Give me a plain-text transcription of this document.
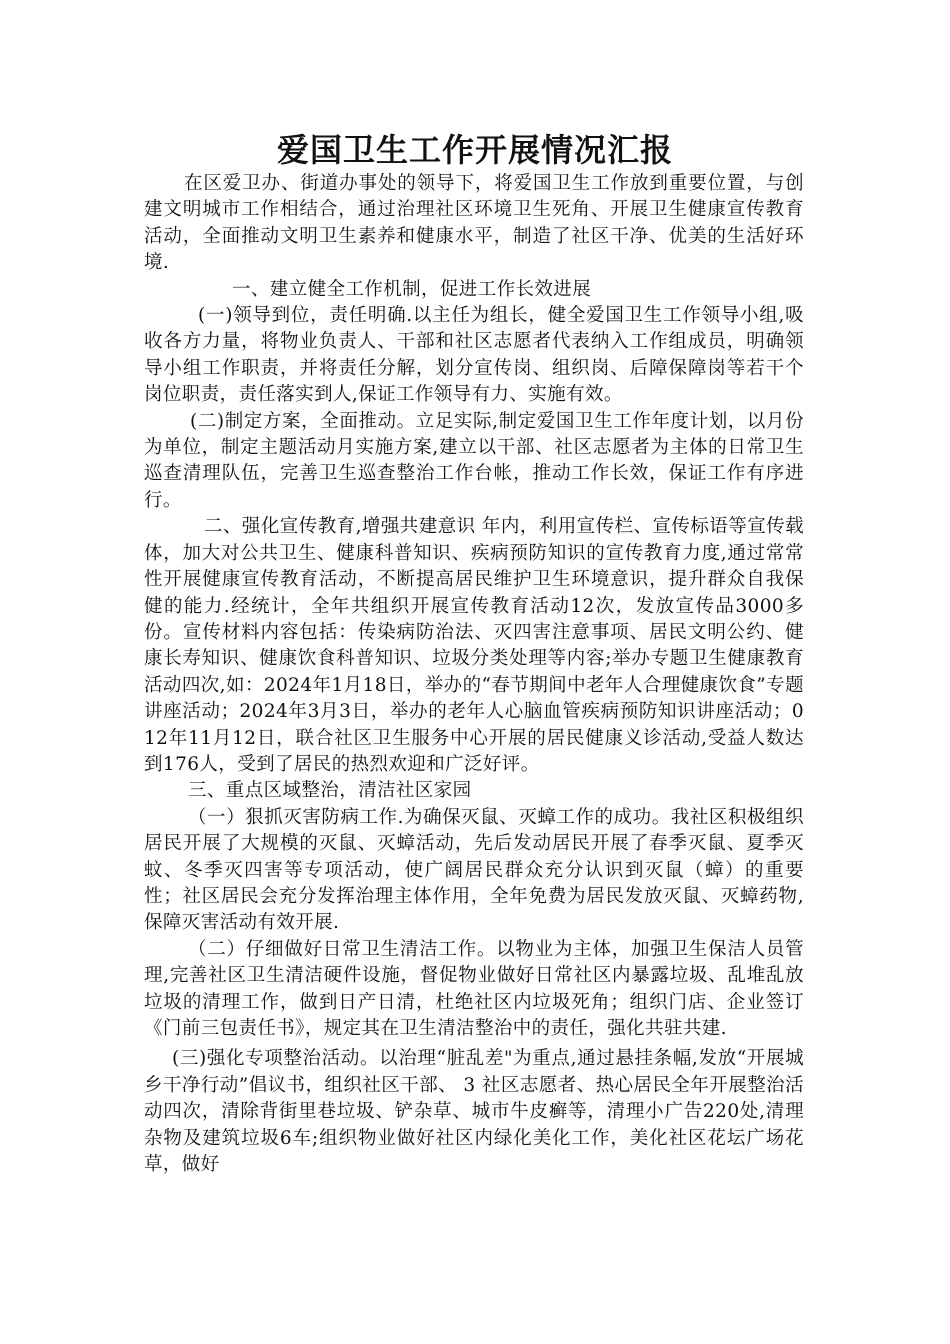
爱国卫生工作开展情况汇报

在区爱卫办、街道办事处的领导下，将爱国卫生工作放到重要位置，与创建文明城市工作相结合，通过治理社区环境卫生死角、开展卫生健康宣传教育活动，全面推动文明卫生素养和健康水平，制造了社区干净、优美的生活好环境.

一、建立健全工作机制，促进工作长效进展

(一)领导到位，责任明确.以主任为组长，健全爱国卫生工作领导小组,吸收各方力量，将物业负责人、干部和社区志愿者代表纳入工作组成员，明确领导小组工作职责，并将责任分解，划分宣传岗、组织岗、后障保障岗等若干个岗位职责，责任落实到人,保证工作领导有力、实施有效。

(二)制定方案，全面推动。立足实际,制定爱国卫生工作年度计划，以月份为单位，制定主题活动月实施方案,建立以干部、社区志愿者为主体的日常卫生巡查清理队伍，完善卫生巡查整治工作台帐，推动工作长效，保证工作有序进行。

二、强化宣传教育,增强共建意识 年内，利用宣传栏、宣传标语等宣传载体，加大对公共卫生、健康科普知识、疾病预防知识的宣传教育力度,通过常常性开展健康宣传教育活动，不断提高居民维护卫生环境意识，提升群众自我保健的能力.经统计，全年共组织开展宣传教育活动12次，发放宣传品3000多份。宣传材料内容包括：传染病防治法、灭四害注意事项、居民文明公约、健康长寿知识、健康饮食科普知识、垃圾分类处理等内容;举办专题卫生健康教育活动四次,如：2024年1月18日，举办的“春节期间中老年人合理健康饮食”专题讲座活动；2024年3月3日，举办的老年人心脑血管疾病预防知识讲座活动；012年11月12日，联合社区卫生服务中心开展的居民健康义诊活动,受益人数达到176人，受到了居民的热烈欢迎和广泛好评。

三、重点区域整治，清洁社区家园

（一）狠抓灭害防病工作.为确保灭鼠、灭蟑工作的成功。我社区积极组织居民开展了大规模的灭鼠、灭蟑活动，先后发动居民开展了春季灭鼠、夏季灭蚊、冬季灭四害等专项活动，使广阔居民群众充分认识到灭鼠（蟑）的重要性；社区居民会充分发挥治理主体作用，全年免费为居民发放灭鼠、灭蟑药物,保障灭害活动有效开展.

（二）仔细做好日常卫生清洁工作。以物业为主体，加强卫生保洁人员管理,完善社区卫生清洁硬件设施，督促物业做好日常社区内暴露垃圾、乱堆乱放垃圾的清理工作，做到日产日清，杜绝社区内垃圾死角；组织门店、企业签订《门前三包责任书》，规定其在卫生清洁整治中的责任，强化共驻共建.

(三)强化专项整治活动。以治理“脏乱差"为重点,通过悬挂条幅,发放“开展城乡干净行动”倡议书，组织社区干部、 3 社区志愿者、热心居民全年开展整治活动四次，清除背街里巷垃圾、铲杂草、城市牛皮癣等，清理小广告220处,清理杂物及建筑垃圾6车;组织物业做好社区内绿化美化工作，美化社区花坛广场花草，做好
